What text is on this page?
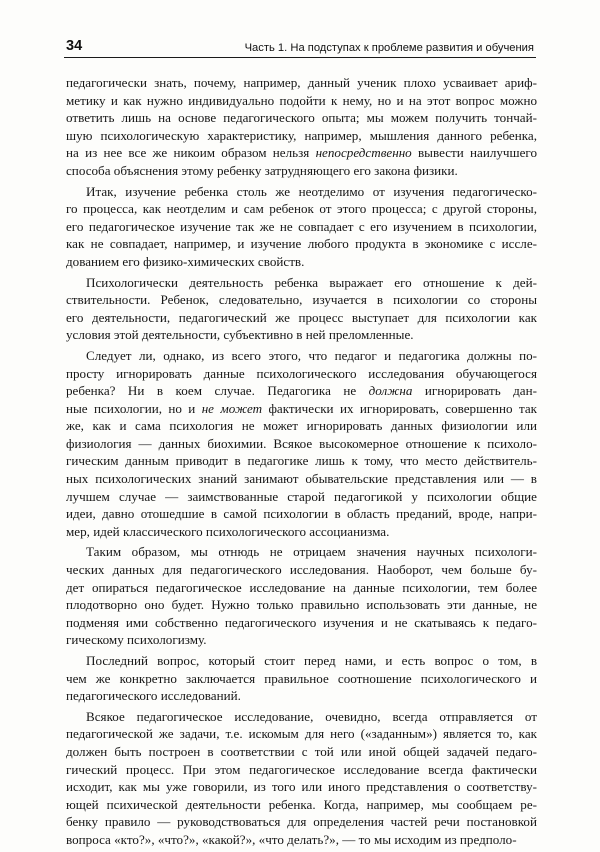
34	Часть 1. На подступах к проблеме развития и обучения
педагогически знать, почему, например, данный ученик плохо усваивает ариф-
метику и как нужно индивидуально подойти к нему, но и на этот вопрос можно
ответить лишь на основе педагогического опыта; мы можем получить тончай-
шую психологическую характеристику, например, мышления данного ребенка,
на из нее все же никоим образом нельзя непосредственно вывести наилучшего
способа объяснения этому ребенку затрудняющего его закона физики.
Итак, изучение ребенка столь же неотделимо от изучения педагогическо-
го процесса, как неотделим и сам ребенок от этого процесса; с другой стороны,
его педагогическое изучение так же не совпадает с его изучением в психологии,
как не совпадает, например, и изучение любого продукта в экономике с иссле-
дованием его физико-химических свойств.
Психологически деятельность ребенка выражает его отношение к дей-
ствительности. Ребенок, следовательно, изучается в психологии со стороны
его деятельности, педагогический же процесс выступает для психологии как
условия этой деятельности, субъективно в ней преломленные.
Следует ли, однако, из всего этого, что педагог и педагогика должны по-
просту игнорировать данные психологического исследования обучающегося
ребенка? Ни в коем случае. Педагогика не должна игнорировать дан-
ные психологии, но и не может фактически их игнорировать, совершенно так
же, как и сама психология не может игнорировать данных физиологии или
физиология — данных биохимии. Всякое высокомерное отношение к психоло-
гическим данным приводит в педагогике лишь к тому, что место действитель-
ных психологических знаний занимают обывательские представления или — в
лучшем случае — заимствованные старой педагогикой у психологии общие
идеи, давно отошедшие в самой психологии в область преданий, вроде, напри-
мер, идей классического психологического ассоцианизма.
Таким образом, мы отнюдь не отрицаем значения научных психологи-
ческих данных для педагогического исследования. Наоборот, чем больше бу-
дет опираться педагогическое исследование на данные психологии, тем более
плодотворно оно будет. Нужно только правильно использовать эти данные, не
подменяя ими собственно педагогического изучения и не скатываясь к педаго-
гическому психологизму.
Последний вопрос, который стоит перед нами, и есть вопрос о том, в
чем же конкретно заключается правильное соотношение психологического и
педагогического исследований.
Всякое педагогическое исследование, очевидно, всегда отправляется от
педагогической же задачи, т.е. искомым для него («заданным») является то, как
должен быть построен в соответствии с той или иной общей задачей педаго-
гический процесс. При этом педагогическое исследование всегда фактически
исходит, как мы уже говорили, из того или иного представления о соответству-
ющей психической деятельности ребенка. Когда, например, мы сообщаем ре-
бенку правило — руководствоваться для определения частей речи постановкой
вопроса «кто?», «что?», «какой?», «что делать?», — то мы исходим из предполо-
